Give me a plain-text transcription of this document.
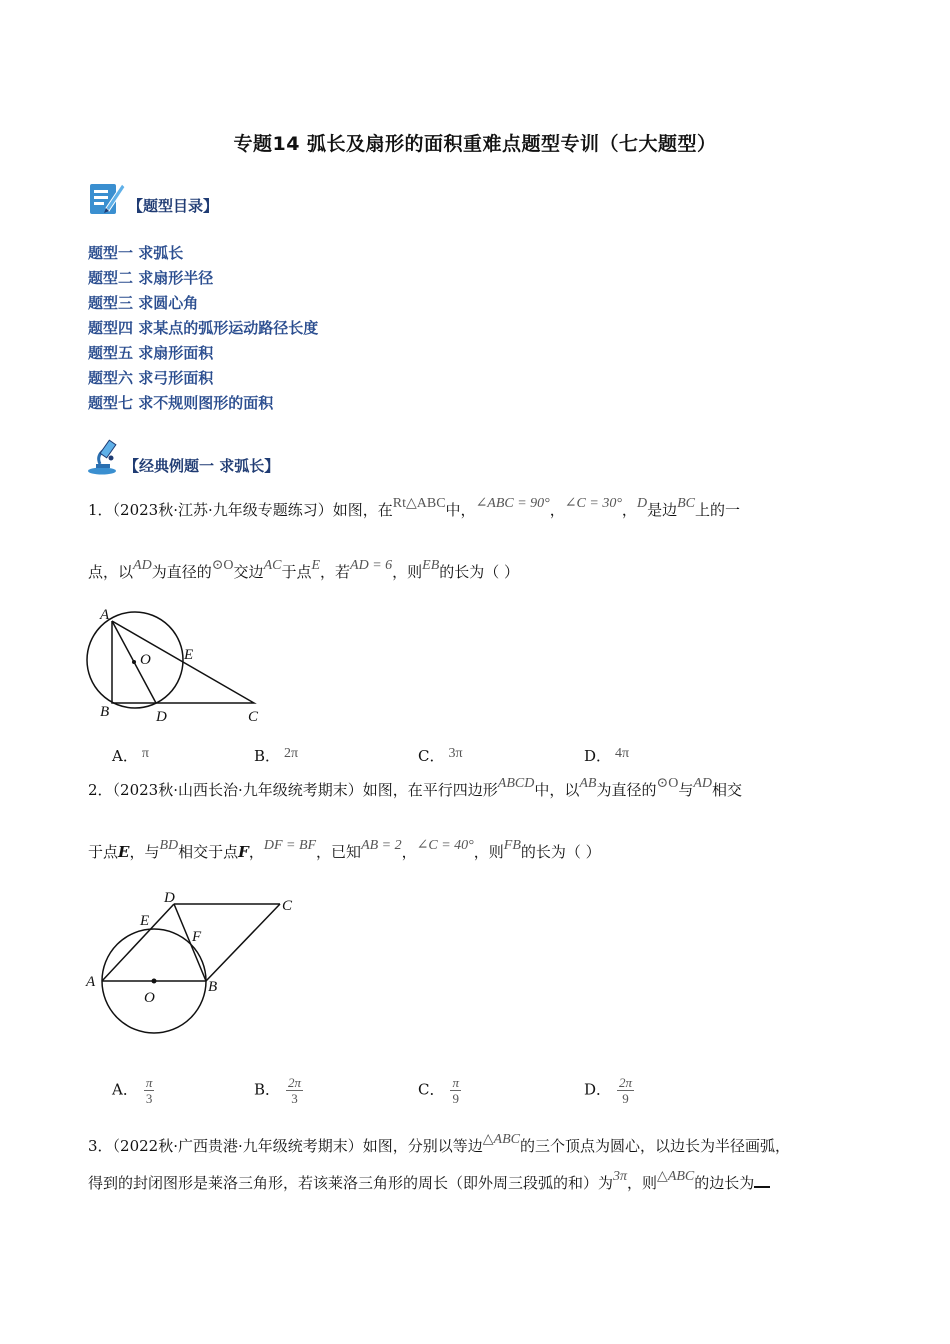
专题14 弧长及扇形的面积重难点题型专训（七大题型）
【题型目录】
题型一 求弧长
题型二 求扇形半径
题型三 求圆心角
题型四 求某点的弧形运动路径长度
题型五 求扇形面积
题型六 求弓形面积
题型七 求不规则图形的面积
【经典例题一 求弧长】
1．（2023秋·江苏·九年级专题练习）如图，在Rt△ABC中，∠ABC = 90°，∠C = 30°，D是边BC上的一
点，以AD为直径的⊙O交边AC于点E，若AD = 6，则EB的长为（ ）
A
B	C
D
E
O
A． π	B． 2π	C． 3π	D． 4π
2．（2023秋·山西长治·九年级统考期末）如图，在平行四边形ABCD中，以AB为直径的⊙O与AD相交
于点E，与BD相交于点F，DF = BF，已知AB = 2，∠C = 40°，则FB的长为（ ）
A	B
C
D
E
F
O
A． $\frac{\pi}{3}$	B． $\frac{2\pi}{3}$	C． $\frac{\pi}{9}$	D． $\frac{2\pi}{9}$
3．（2022秋·广西贵港·九年级统考期末）如图，分别以等边△ABC的三个顶点为圆心，以边长为半径画弧，
得到的封闭图形是莱洛三角形，若该莱洛三角形的周长（即外周三段弧的和）为3π，则△ABC的边长为
